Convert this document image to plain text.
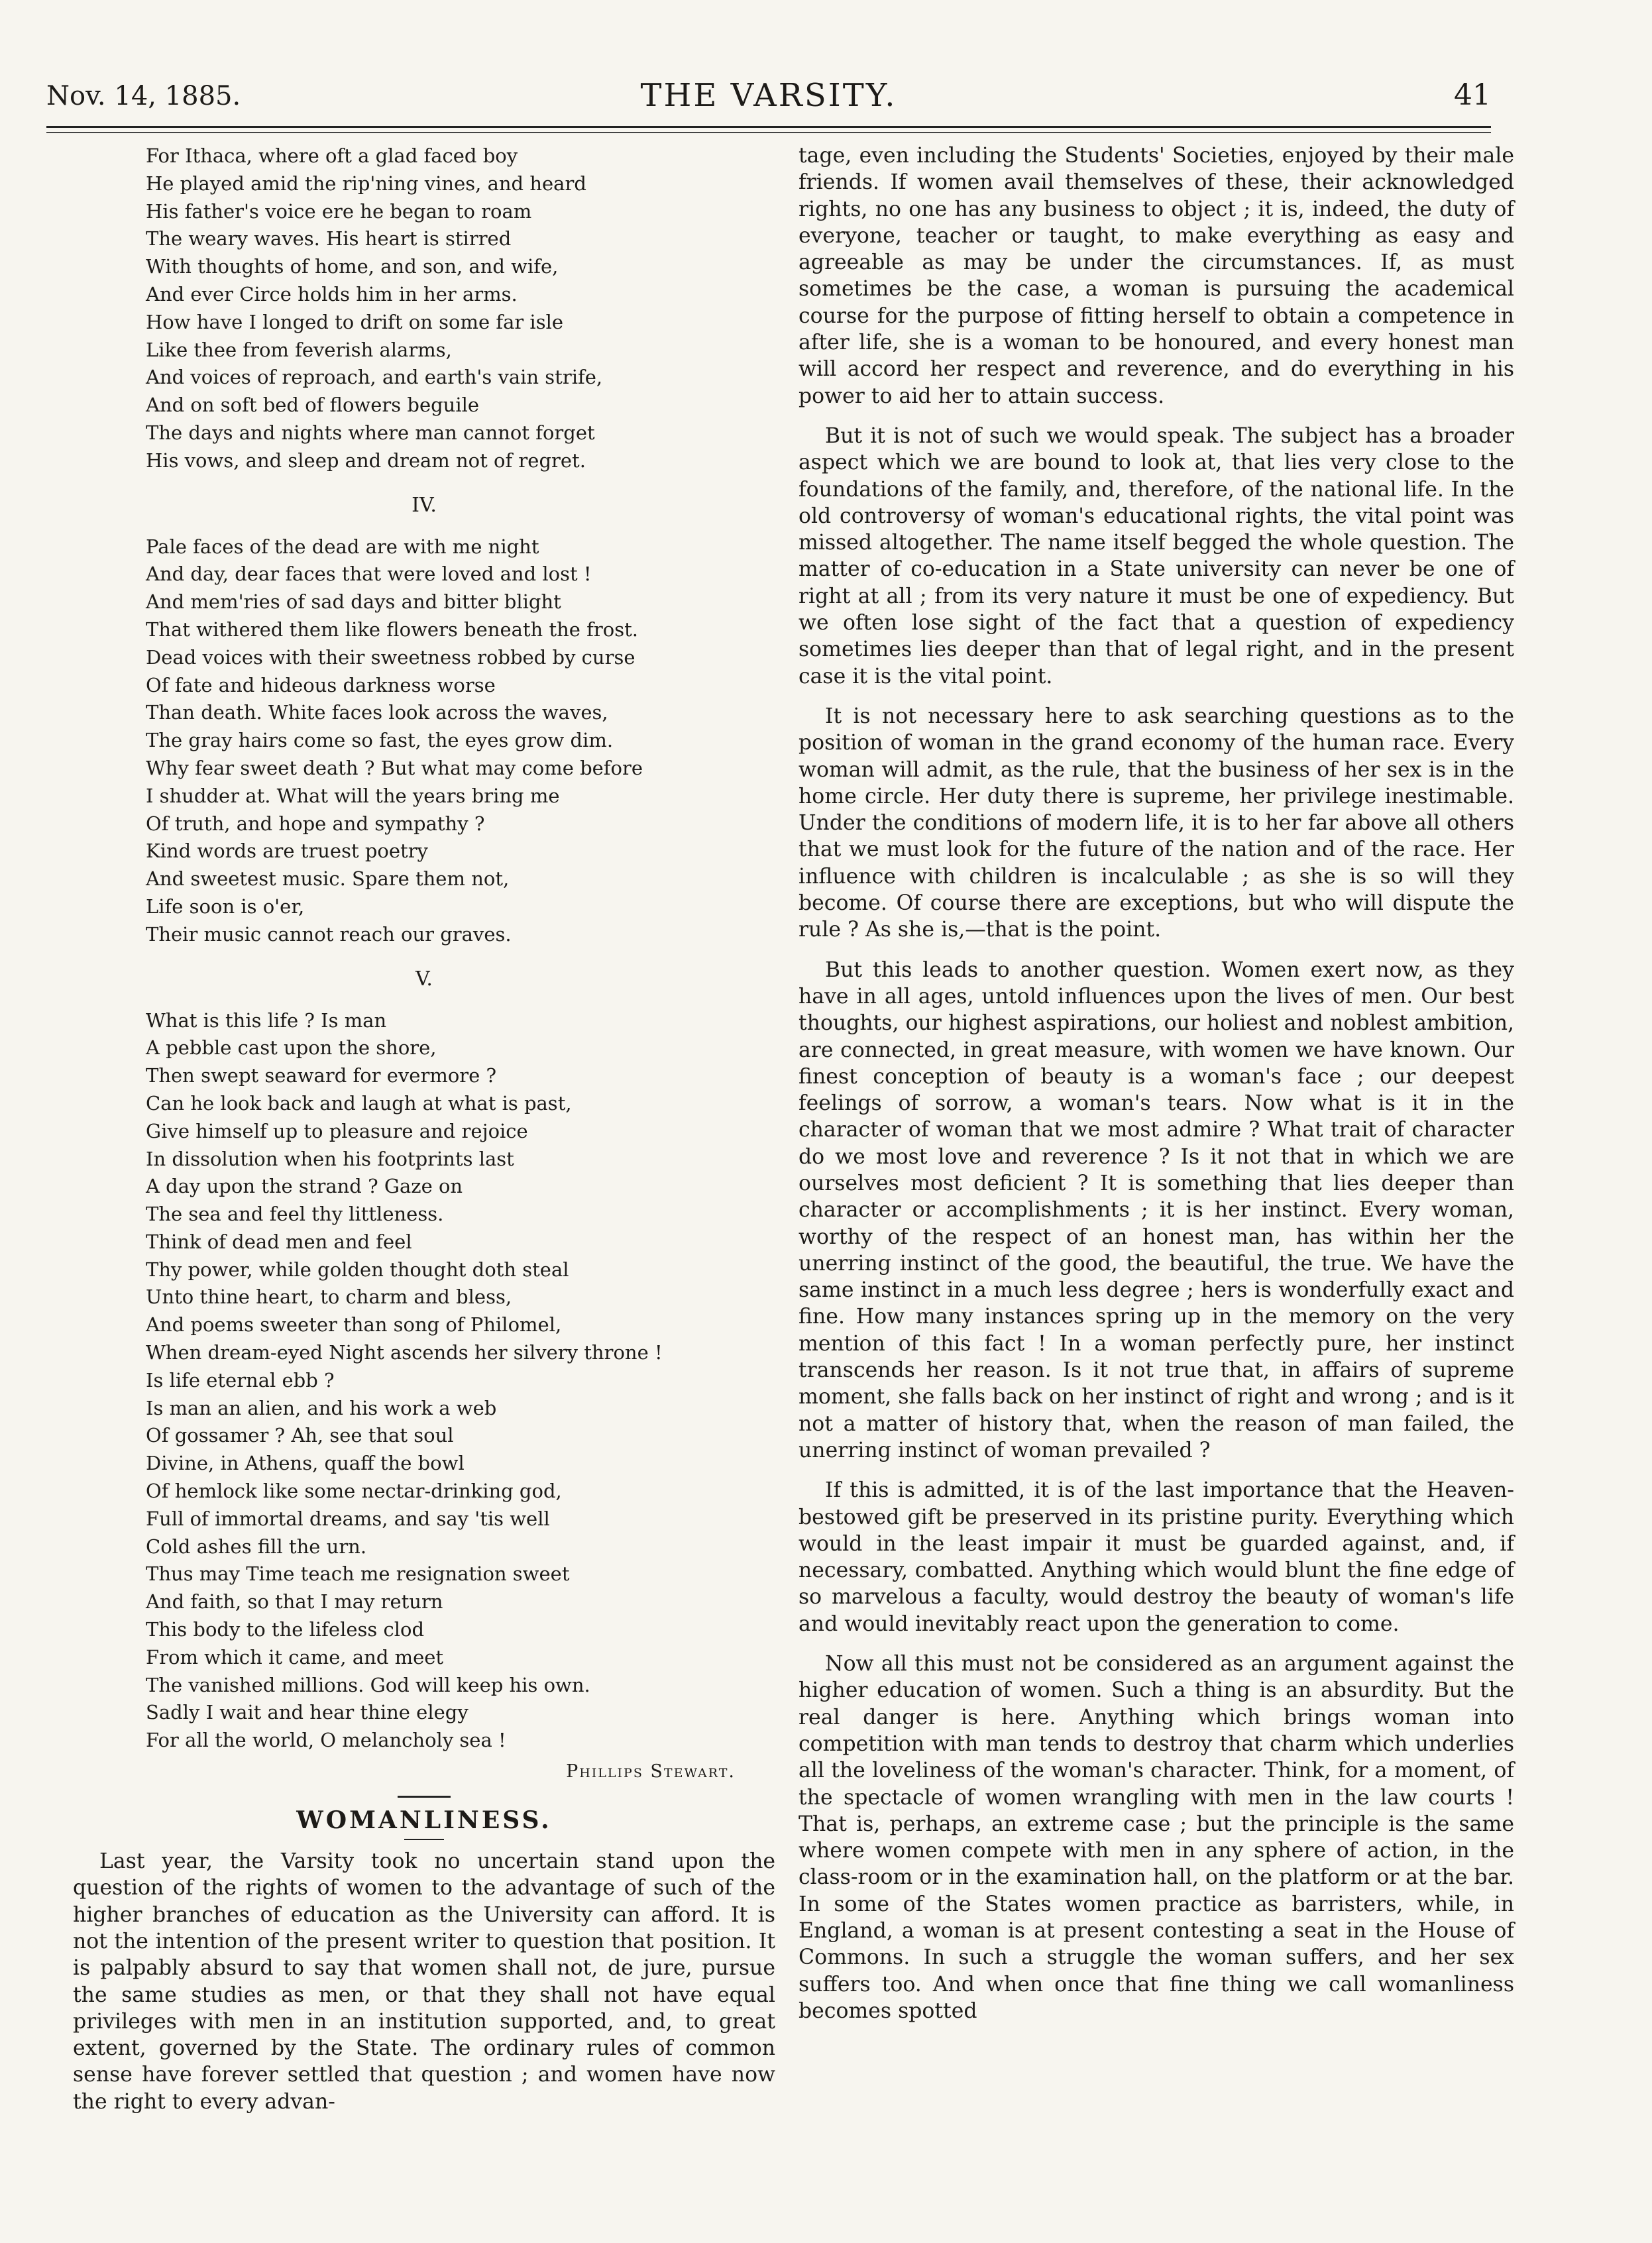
Nov. 14, 1885.	THE VARSITY.	41
For Ithaca, where oft a glad faced boy
He played amid the rip'ning vines, and heard
His father's voice ere he began to roam
The weary waves. His heart is stirred
With thoughts of home, and son, and wife,
And ever Circe holds him in her arms.
How have I longed to drift on some far isle
Like thee from feverish alarms,
And voices of reproach, and earth's vain strife,
And on soft bed of flowers beguile
The days and nights where man cannot forget
His vows, and sleep and dream not of regret.
IV.
Pale faces of the dead are with me night
And day, dear faces that were loved and lost !
And mem'ries of sad days and bitter blight
That withered them like flowers beneath the frost.
Dead voices with their sweetness robbed by curse
Of fate and hideous darkness worse
Than death. White faces look across the waves,
The gray hairs come so fast, the eyes grow dim.
Why fear sweet death ? But what may come before
I shudder at. What will the years bring me
Of truth, and hope and sympathy ?
Kind words are truest poetry
And sweetest music. Spare them not,
Life soon is o'er,
Their music cannot reach our graves.
V.
What is this life ? Is man
A pebble cast upon the shore,
Then swept seaward for evermore ?
Can he look back and laugh at what is past,
Give himself up to pleasure and rejoice
In dissolution when his footprints last
A day upon the strand ? Gaze on
The sea and feel thy littleness.
Think of dead men and feel
Thy power, while golden thought doth steal
Unto thine heart, to charm and bless,
And poems sweeter than song of Philomel,
When dream-eyed Night ascends her silvery throne !
Is life eternal ebb ?
Is man an alien, and his work a web
Of gossamer ? Ah, see that soul
Divine, in Athens, quaff the bowl
Of hemlock like some nectar-drinking god,
Full of immortal dreams, and say 'tis well
Cold ashes fill the urn.
Thus may Time teach me resignation sweet
And faith, so that I may return
This body to the lifeless clod
From which it came, and meet
The vanished millions. God will keep his own.
Sadly I wait and hear thine elegy
For all the world, O melancholy sea !
Phillips Stewart.
WOMANLINESS.

Last year, the Varsity took no uncertain stand upon the question of the rights of women to the advantage of such of the higher branches of education as the University can afford. It is not the intention of the present writer to question that position. It is palpably absurd to say that women shall not, de jure, pursue the same studies as men, or that they shall not have equal privileges with men in an institution supported, and, to great extent, governed by the State. The ordinary rules of common sense have forever settled that question ; and women have now the right to every advan-

tage, even including the Students' Societies, enjoyed by their male friends. If women avail themselves of these, their acknowledged rights, no one has any business to object ; it is, indeed, the duty of everyone, teacher or taught, to make everything as easy and agreeable as may be under the circumstances. If, as must sometimes be the case, a woman is pursuing the academical course for the purpose of fitting herself to obtain a competence in after life, she is a woman to be honoured, and every honest man will accord her respect and reverence, and do everything in his power to aid her to attain success.

But it is not of such we would speak. The subject has a broader aspect which we are bound to look at, that lies very close to the foundations of the family, and, therefore, of the national life. In the old controversy of woman's educational rights, the vital point was missed altogether. The name itself begged the whole question. The matter of co-education in a State university can never be one of right at all ; from its very nature it must be one of expediency. But we often lose sight of the fact that a question of expediency sometimes lies deeper than that of legal right, and in the present case it is the vital point.

It is not necessary here to ask searching questions as to the position of woman in the grand economy of the human race. Every woman will admit, as the rule, that the business of her sex is in the home circle. Her duty there is supreme, her privilege inestimable. Under the conditions of modern life, it is to her far above all others that we must look for the future of the nation and of the race. Her influence with children is incalculable ; as she is so will they become. Of course there are exceptions, but who will dispute the rule ? As she is,—that is the point.

But this leads to another question. Women exert now, as they have in all ages, untold influences upon the lives of men. Our best thoughts, our highest aspirations, our holiest and noblest ambition, are connected, in great measure, with women we have known. Our finest conception of beauty is a woman's face ; our deepest feelings of sorrow, a woman's tears. Now what is it in the character of woman that we most admire ? What trait of character do we most love and reverence ? Is it not that in which we are ourselves most deficient ? It is something that lies deeper than character or accomplishments ; it is her instinct. Every woman, worthy of the respect of an honest man, has within her the unerring instinct of the good, the beautiful, the true. We have the same instinct in a much less degree ; hers is wonderfully exact and fine. How many instances spring up in the memory on the very mention of this fact ! In a woman perfectly pure, her instinct transcends her reason. Is it not true that, in affairs of supreme moment, she falls back on her instinct of right and wrong ; and is it not a matter of history that, when the reason of man failed, the unerring instinct of woman prevailed ?

If this is admitted, it is of the last importance that the Heaven-bestowed gift be preserved in its pristine purity. Everything which would in the least impair it must be guarded against, and, if necessary, combatted. Anything which would blunt the fine edge of so marvelous a faculty, would destroy the beauty of woman's life and would inevitably react upon the generation to come.

Now all this must not be considered as an argument against the higher education of women. Such a thing is an absurdity. But the real danger is here. Anything which brings woman into competition with man tends to destroy that charm which underlies all the loveliness of the woman's character. Think, for a moment, of the spectacle of women wrangling with men in the law courts ! That is, perhaps, an extreme case ; but the principle is the same where women compete with men in any sphere of action, in the class-room or in the examination hall, on the platform or at the bar. In some of the States women practice as barristers, while, in England, a woman is at present contesting a seat in the House of Commons. In such a struggle the woman suffers, and her sex suffers too. And when once that fine thing we call womanliness becomes spotted
